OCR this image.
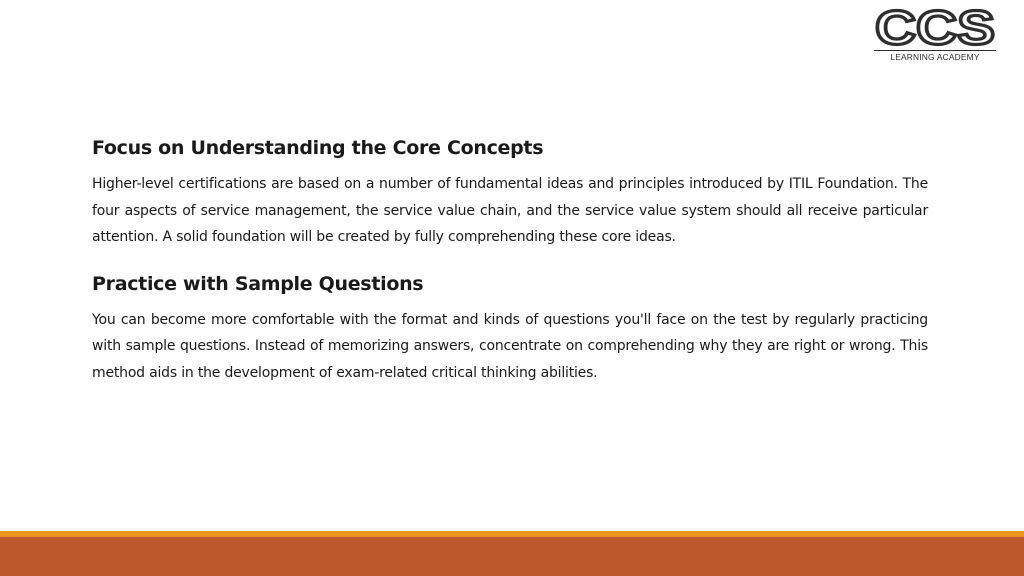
CCS
LEARNING ACADEMY
Focus on Understanding the Core Concepts

Higher-level certifications are based on a number of fundamental ideas and principles introduced by ITIL Foundation. The four aspects of service management, the service value chain, and the service value system should all receive particular attention. A solid foundation will be created by fully comprehending these core ideas.

Practice with Sample Questions

You can become more comfortable with the format and kinds of questions you'll face on the test by regularly practicing with sample questions. Instead of memorizing answers, concentrate on comprehending why they are right or wrong. This method aids in the development of exam-related critical thinking abilities.
